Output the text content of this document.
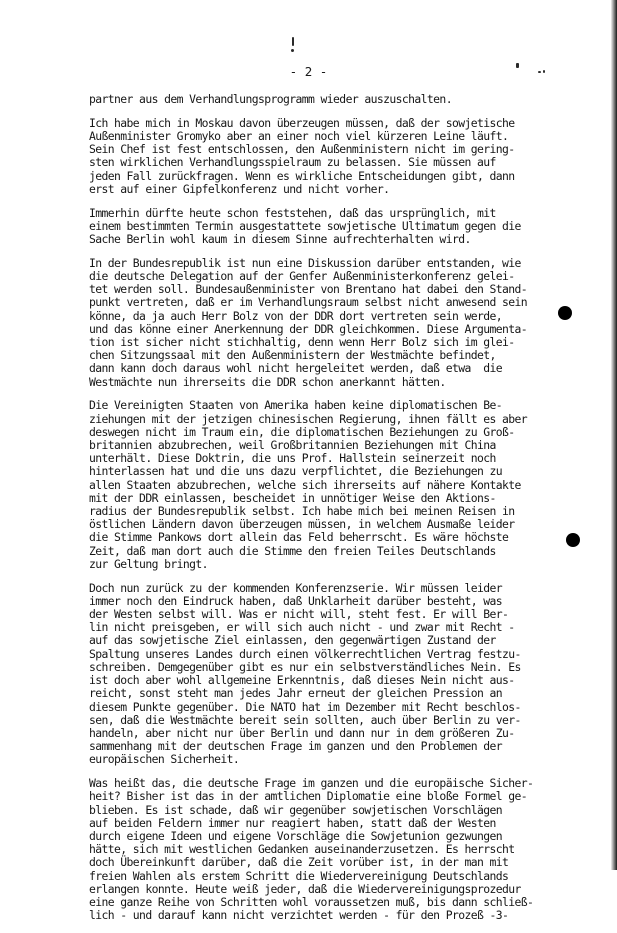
- 2 -
partner aus dem Verhandlungsprogramm wieder auszuschalten.
Ich habe mich in Moskau davon überzeugen müssen, daß der sowjetische
Außenminister Gromyko aber an einer noch viel kürzeren Leine läuft.
Sein Chef ist fest entschlossen, den Außenministern nicht im gering-
sten wirklichen Verhandlungsspielraum zu belassen. Sie müssen auf
jeden Fall zurückfragen. Wenn es wirkliche Entscheidungen gibt, dann
erst auf einer Gipfelkonferenz und nicht vorher.
Immerhin dürfte heute schon feststehen, daß das ursprünglich, mit
einem bestimmten Termin ausgestattete sowjetische Ultimatum gegen die
Sache Berlin wohl kaum in diesem Sinne aufrechterhalten wird.
In der Bundesrepublik ist nun eine Diskussion darüber entstanden, wie
die deutsche Delegation auf der Genfer Außenministerkonferenz gelei-
tet werden soll. Bundesaußenminister von Brentano hat dabei den Stand-
punkt vertreten, daß er im Verhandlungsraum selbst nicht anwesend sein
könne, da ja auch Herr Bolz von der DDR dort vertreten sein werde,
und das könne einer Anerkennung der DDR gleichkommen. Diese Argumenta-
tion ist sicher nicht stichhaltig, denn wenn Herr Bolz sich im glei-
chen Sitzungssaal mit den Außenministern der Westmächte befindet,
dann kann doch daraus wohl nicht hergeleitet werden, daß etwa  die
Westmächte nun ihrerseits die DDR schon anerkannt hätten.
Die Vereinigten Staaten von Amerika haben keine diplomatischen Be-
ziehungen mit der jetzigen chinesischen Regierung, ihnen fällt es aber
deswegen nicht im Traum ein, die diplomatischen Beziehungen zu Groß-
britannien abzubrechen, weil Großbritannien Beziehungen mit China
unterhält. Diese Doktrin, die uns Prof. Hallstein seinerzeit noch
hinterlassen hat und die uns dazu verpflichtet, die Beziehungen zu
allen Staaten abzubrechen, welche sich ihrerseits auf nähere Kontakte
mit der DDR einlassen, bescheidet in unnötiger Weise den Aktions-
radius der Bundesrepublik selbst. Ich habe mich bei meinen Reisen in
östlichen Ländern davon überzeugen müssen, in welchem Ausmaße leider
die Stimme Pankows dort allein das Feld beherrscht. Es wäre höchste
Zeit, daß man dort auch die Stimme den freien Teiles Deutschlands
zur Geltung bringt.
Doch nun zurück zu der kommenden Konferenzserie. Wir müssen leider
immer noch den Eindruck haben, daß Unklarheit darüber besteht, was
der Westen selbst will. Was er nicht will, steht fest. Er will Ber-
lin nicht preisgeben, er will sich auch nicht - und zwar mit Recht -
auf das sowjetische Ziel einlassen, den gegenwärtigen Zustand der
Spaltung unseres Landes durch einen völkerrechtlichen Vertrag festzu-
schreiben. Demgegenüber gibt es nur ein selbstverständliches Nein. Es
ist doch aber wohl allgemeine Erkenntnis, daß dieses Nein nicht aus-
reicht, sonst steht man jedes Jahr erneut der gleichen Pression an
diesem Punkte gegenüber. Die NATO hat im Dezember mit Recht beschlos-
sen, daß die Westmächte bereit sein sollten, auch über Berlin zu ver-
handeln, aber nicht nur über Berlin und dann nur in dem größeren Zu-
sammenhang mit der deutschen Frage im ganzen und den Problemen der
europäischen Sicherheit.
Was heißt das, die deutsche Frage im ganzen und die europäische Sicher-
heit? Bisher ist das in der amtlichen Diplomatie eine bloße Formel ge-
blieben. Es ist schade, daß wir gegenüber sowjetischen Vorschlägen
auf beiden Feldern immer nur reagiert haben, statt daß der Westen
durch eigene Ideen und eigene Vorschläge die Sowjetunion gezwungen
hätte, sich mit westlichen Gedanken auseinanderzusetzen. Es herrscht
doch Übereinkunft darüber, daß die Zeit vorüber ist, in der man mit
freien Wahlen als erstem Schritt die Wiedervereinigung Deutschlands
erlangen konnte. Heute weiß jeder, daß die Wiedervereinigungsprozedur
eine ganze Reihe von Schritten wohl voraussetzen muß, bis dann schließ-
lich - und darauf kann nicht verzichtet werden - für den Prozeß -3-
